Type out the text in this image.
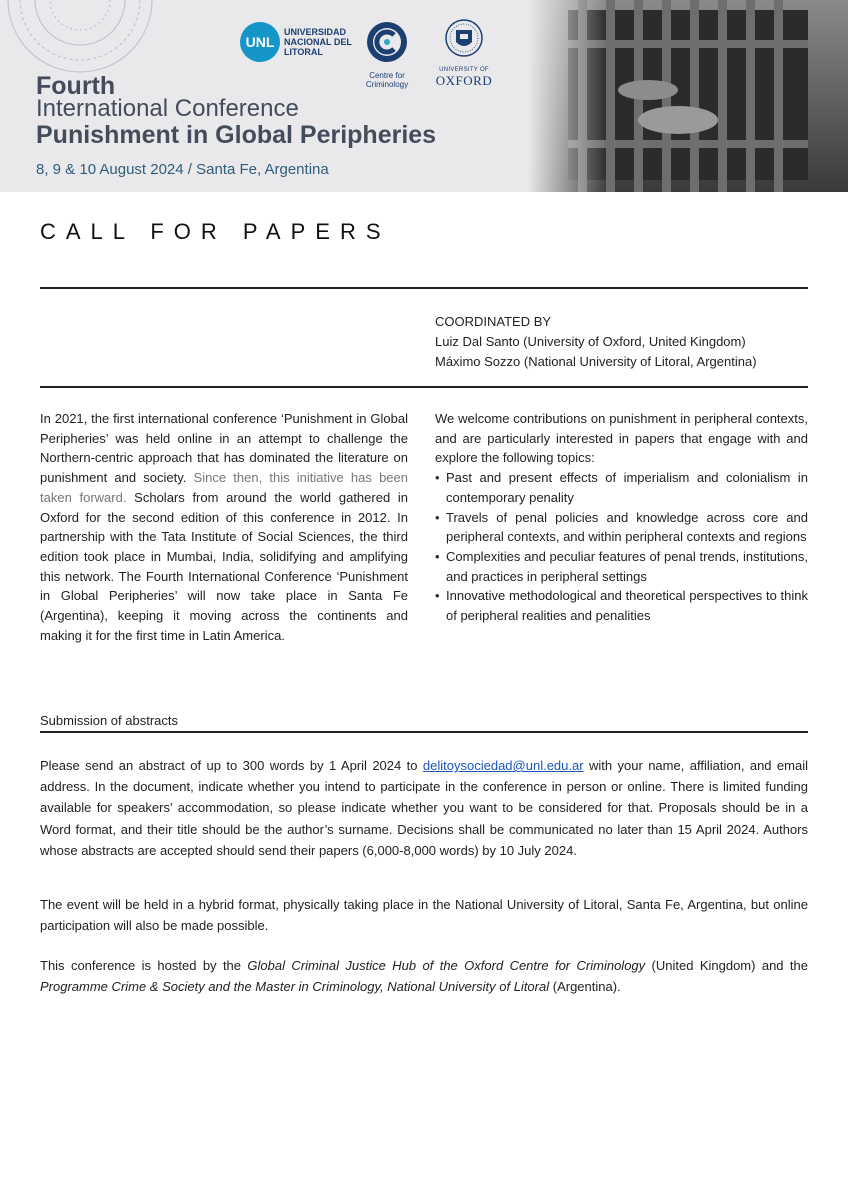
UNL
UNIVERSIDAD NACIONAL DEL LITORAL
Centre for Criminology
UNIVERSITY OF
OXFORD
Fourth
International Conference
Punishment in Global Peripheries
8, 9 & 10 August 2024 / Santa Fe, Argentina
CALL FOR PAPERS
COORDINATED BY
Luiz Dal Santo (University of Oxford, United Kingdom)
Máximo Sozzo (National University of Litoral, Argentina)
In 2021, the first international conference ‘Punishment in Global Peripheries’ was held online in an attempt to challenge the Northern-centric approach that has dominated the literature on punishment and society. Since then, this initiative has been taken forward. Scholars from around the world gathered in Oxford for the second edition of this conference in 2012. In partnership with the Tata Institute of Social Sciences, the third edition took place in Mumbai, India, solidifying and amplifying this network. The Fourth International Conference ‘Punishment in Global Peripheries’ will now take place in Santa Fe (Argentina), keeping it moving across the continents and making it for the first time in Latin America.
We welcome contributions on punishment in peripheral contexts, and are particularly interested in papers that engage with and explore the following topics:
• Past and present effects of imperialism and colonialism in contemporary penality
• Travels of penal policies and knowledge across core and peripheral contexts, and within peripheral contexts and regions
• Complexities and peculiar features of penal trends, institutions, and practices in peripheral settings
• Innovative methodological and theoretical perspectives to think of peripheral realities and penalities
Submission of abstracts
Please send an abstract of up to 300 words by 1 April 2024 to delitoysociedad@unl.edu.ar with your name, affiliation, and email address. In the document, indicate whether you intend to participate in the conference in person or online. There is limited funding available for speakers’ accommodation, so please indicate whether you want to be considered for that. Proposals should be in a Word format, and their title should be the author’s surname. Decisions shall be communicated no later than 15 April 2024. Authors whose abstracts are accepted should send their papers (6,000-8,000 words) by 10 July 2024.
The event will be held in a hybrid format, physically taking place in the National University of Litoral, Santa Fe, Argentina, but online participation will also be made possible.
This conference is hosted by the Global Criminal Justice Hub of the Oxford Centre for Criminology (United Kingdom) and the Programme Crime & Society and the Master in Criminology, National University of Litoral (Argentina).
